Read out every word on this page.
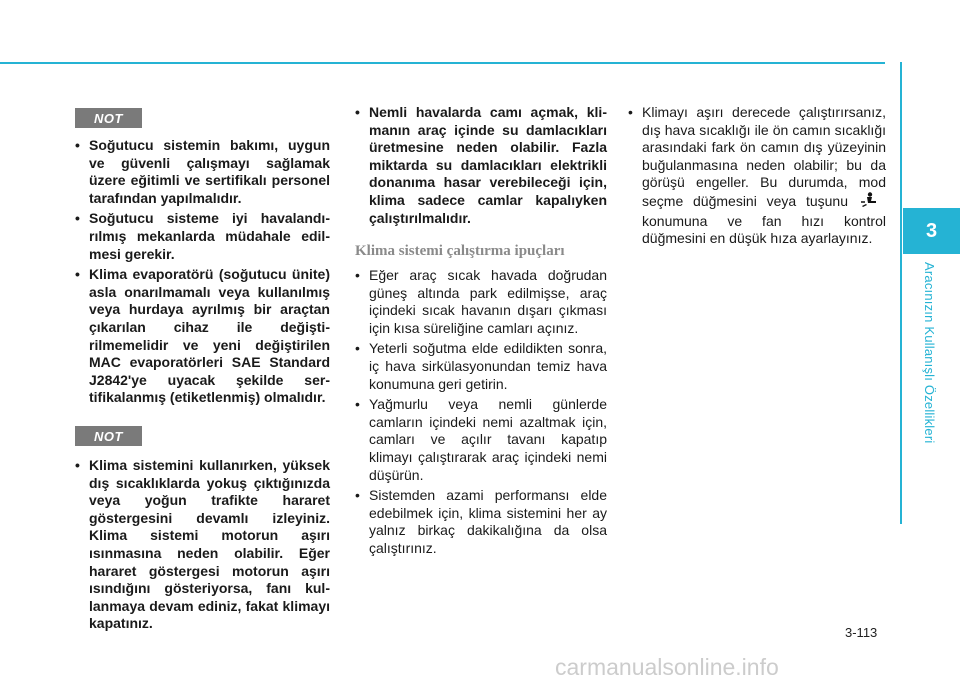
3
Aracınızın Kullanışlı Özellikleri
NOT
• Soğutucu sistemin bakımı, uygun ve güvenli çalışmayı sağlamak üzere eğitimli ve sertifikalı personel tarafından yapılmalıdır.
• Soğutucu sisteme iyi havalandırılmış mekanlarda müdahale edilmesi gerekir.
• Klima evaporatörü (soğutucu ünite) asla onarılmamalı veya kullanılmış veya hurdaya ayrılmış bir araçtan çıkarılan cihaz ile değiştirilmemelidir ve yeni değiştirilen MAC evaporatörleri SAE Standard J2842'ye uyacak şekilde sertifikalanmış (etiketlenmiş) olmalıdır.
NOT
• Klima sistemini kullanırken, yüksek dış sıcaklıklarda yokuş çıktığınızda veya yoğun trafikte hararet göstergesini devamlı izleyiniz. Klima sistemi motorun aşırı ısınmasına neden olabilir. Eğer hararet göstergesi motorun aşırı ısındığını gösteriyorsa, fanı kullanmaya devam ediniz, fakat klimayı kapatınız.
• Nemli havalarda camı açmak, klimanın araç içinde su damlacıkları üretmesine neden olabilir. Fazla miktarda su damlacıkları elektrikli donanıma hasar verebileceği için, klima sadece camlar kapalıyken çalıştırılmalıdır.
Klima sistemi çalıştırma ipuçları
• Eğer araç sıcak havada doğrudan güneş altında park edilmişse, araç içindeki sıcak havanın dışarı çıkması için kısa süreliğine camları açınız.
• Yeterli soğutma elde edildikten sonra, iç hava sirkülasyonundan temiz hava konumuna geri getirin.
• Yağmurlu veya nemli günlerde camların içindeki nemi azaltmak için, camları ve açılır tavanı kapatıp klimayı çalıştırarak araç içindeki nemi düşürün.
• Sistemden azami performansı elde edebilmek için, klima sistemini her ay yalnız birkaç dakikalığına da olsa çalıştırınız.
• Klimayı aşırı derecede çalıştırırsanız, dış hava sıcaklığı ile ön camın sıcaklığı arasındaki fark ön camın dış yüzeyinin buğulanmasına neden olabilir; bu da görüşü engeller. Bu durumda, mod seçme düğmesini veya tuşunukonumuna ve fan hızı kontrol düğmesini en düşük hıza ayarlayınız.
3-113
carmanualsonline.info
